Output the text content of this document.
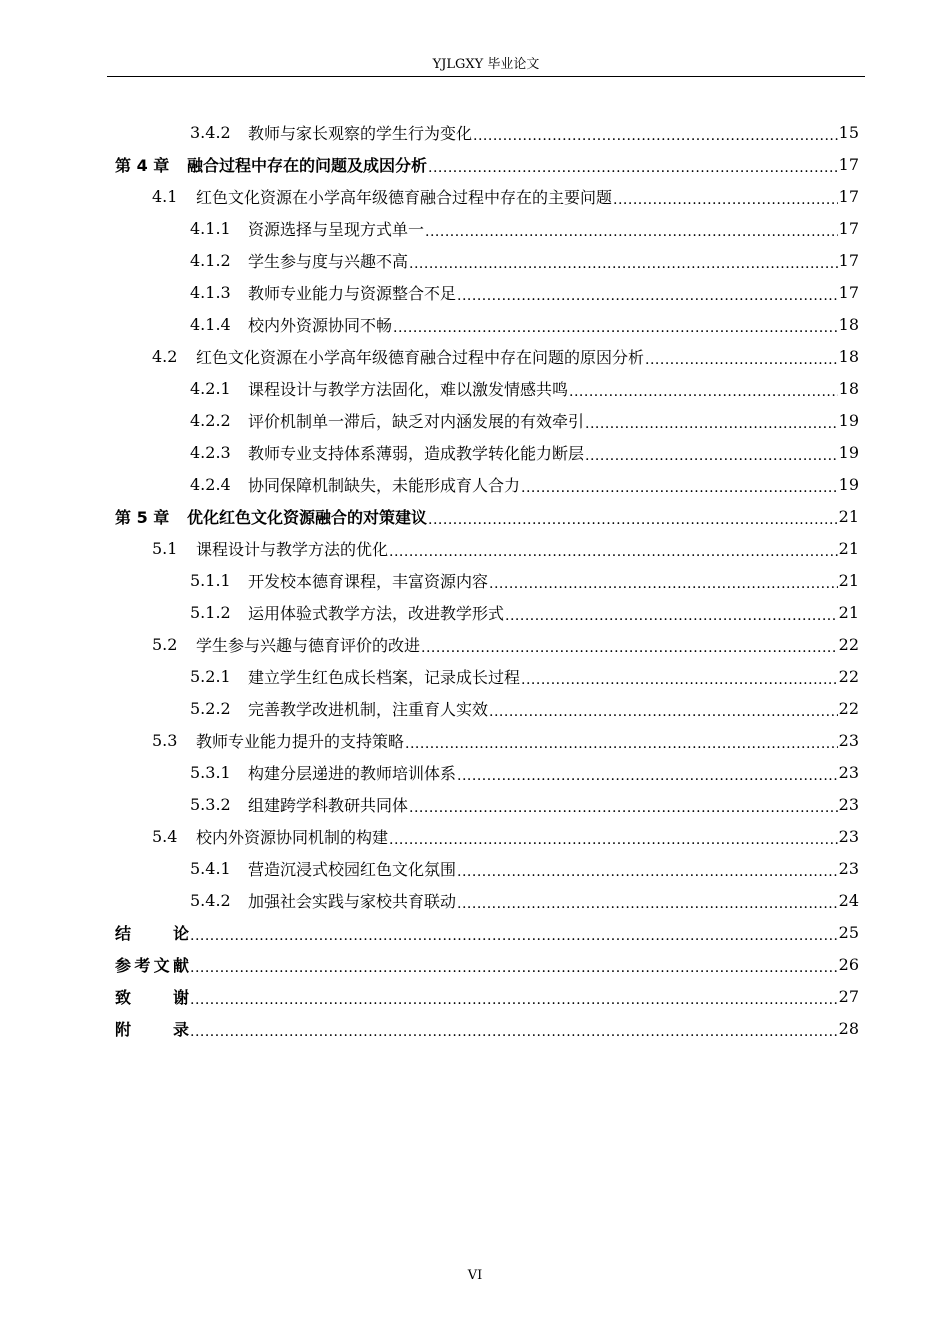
YJLGXY 毕业论文
3.4.2	教师与家长观察的学生行为变化 .....	15
第 4 章	融合过程中存在的问题及成因分析 .....	17
4.1	红色文化资源在小学高年级德育融合过程中存在的主要问题 .....	17
4.1.1	资源选择与呈现方式单一 .....	17
4.1.2	学生参与度与兴趣不高 .....	17
4.1.3	教师专业能力与资源整合不足 .....	17
4.1.4	校内外资源协同不畅 .....	18
4.2	红色文化资源在小学高年级德育融合过程中存在问题的原因分析 .....	18
4.2.1	课程设计与教学方法固化，难以激发情感共鸣 .....	18
4.2.2	评价机制单一滞后，缺乏对内涵发展的有效牵引 .....	19
4.2.3	教师专业支持体系薄弱，造成教学转化能力断层 .....	19
4.2.4	协同保障机制缺失，未能形成育人合力 .....	19
第 5 章	优化红色文化资源融合的对策建议 .....	21
5.1	课程设计与教学方法的优化 .....	21
5.1.1	开发校本德育课程，丰富资源内容 .....	21
5.1.2	运用体验式教学方法，改进教学形式 .....	21
5.2	学生参与兴趣与德育评价的改进 .....	22
5.2.1	建立学生红色成长档案，记录成长过程 .....	22
5.2.2	完善教学改进机制，注重育人实效 .....	22
5.3	教师专业能力提升的支持策略 .....	23
5.3.1	构建分层递进的教师培训体系 .....	23
5.3.2	组建跨学科教研共同体 .....	23
5.4	校内外资源协同机制的构建 .....	23
5.4.1	营造沉浸式校园红色文化氛围 .....	23
5.4.2	加强社会实践与家校共育联动 .....	24
结	论 .....	25
参 考 文 献 .....	26
致	谢 .....	27
附	录 .....	28
VI
